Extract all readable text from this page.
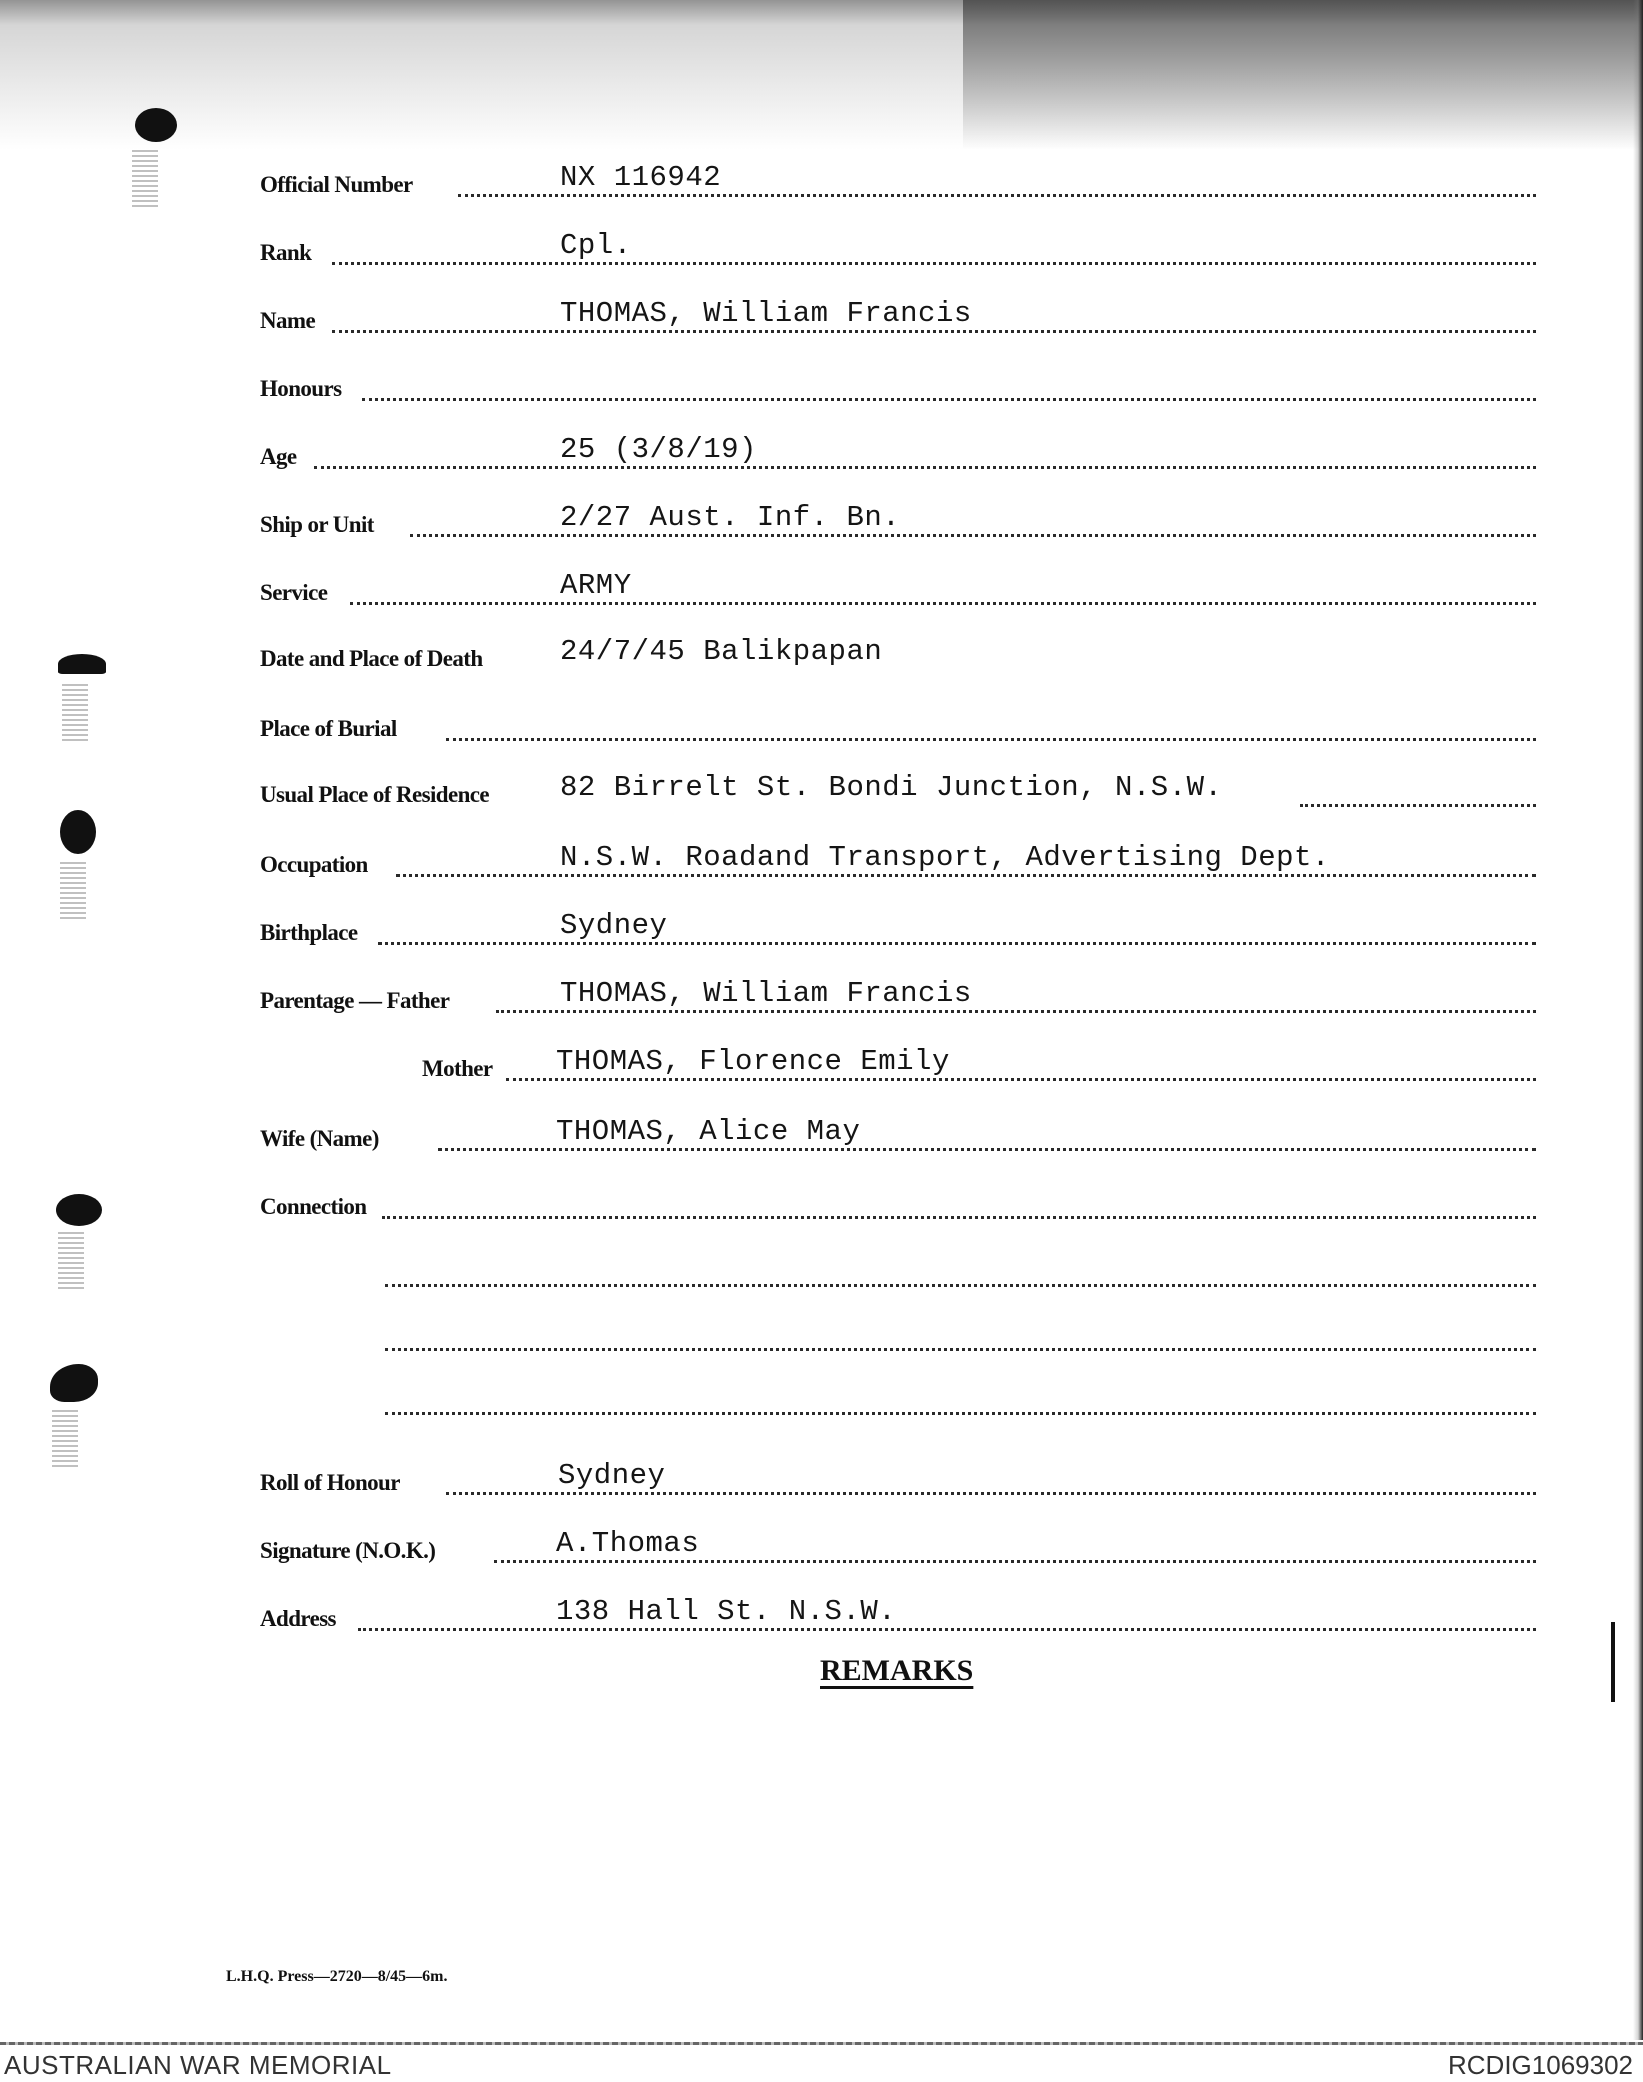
Official Number	NX 116942
Rank	Cpl.
Name	THOMAS, William Francis
Honours
Age	25 (3/8/19)
Ship or Unit	2/27 Aust. Inf. Bn.
Service	ARMY
Date and Place of Death	24/7/45 Balikpapan
Place of Burial
Usual Place of Residence 82 Birrelt St. Bondi Junction, N.S.W.
Occupation	N.S.W. Roadand Transport, Advertising Dept.
Birthplace	Sydney
Parentage — Father	THOMAS, William Francis
Mother THOMAS, Florence Emily
Wife (Name)	THOMAS, Alice May
Connection
Roll of Honour	Sydney
Signature (N.O.K.)	A.Thomas
Address	138 Hall St. N.S.W.
REMARKS
L.H.Q. Press—2720—8/45—6m.
AUSTRALIAN WAR MEMORIAL	RCDIG1069302
